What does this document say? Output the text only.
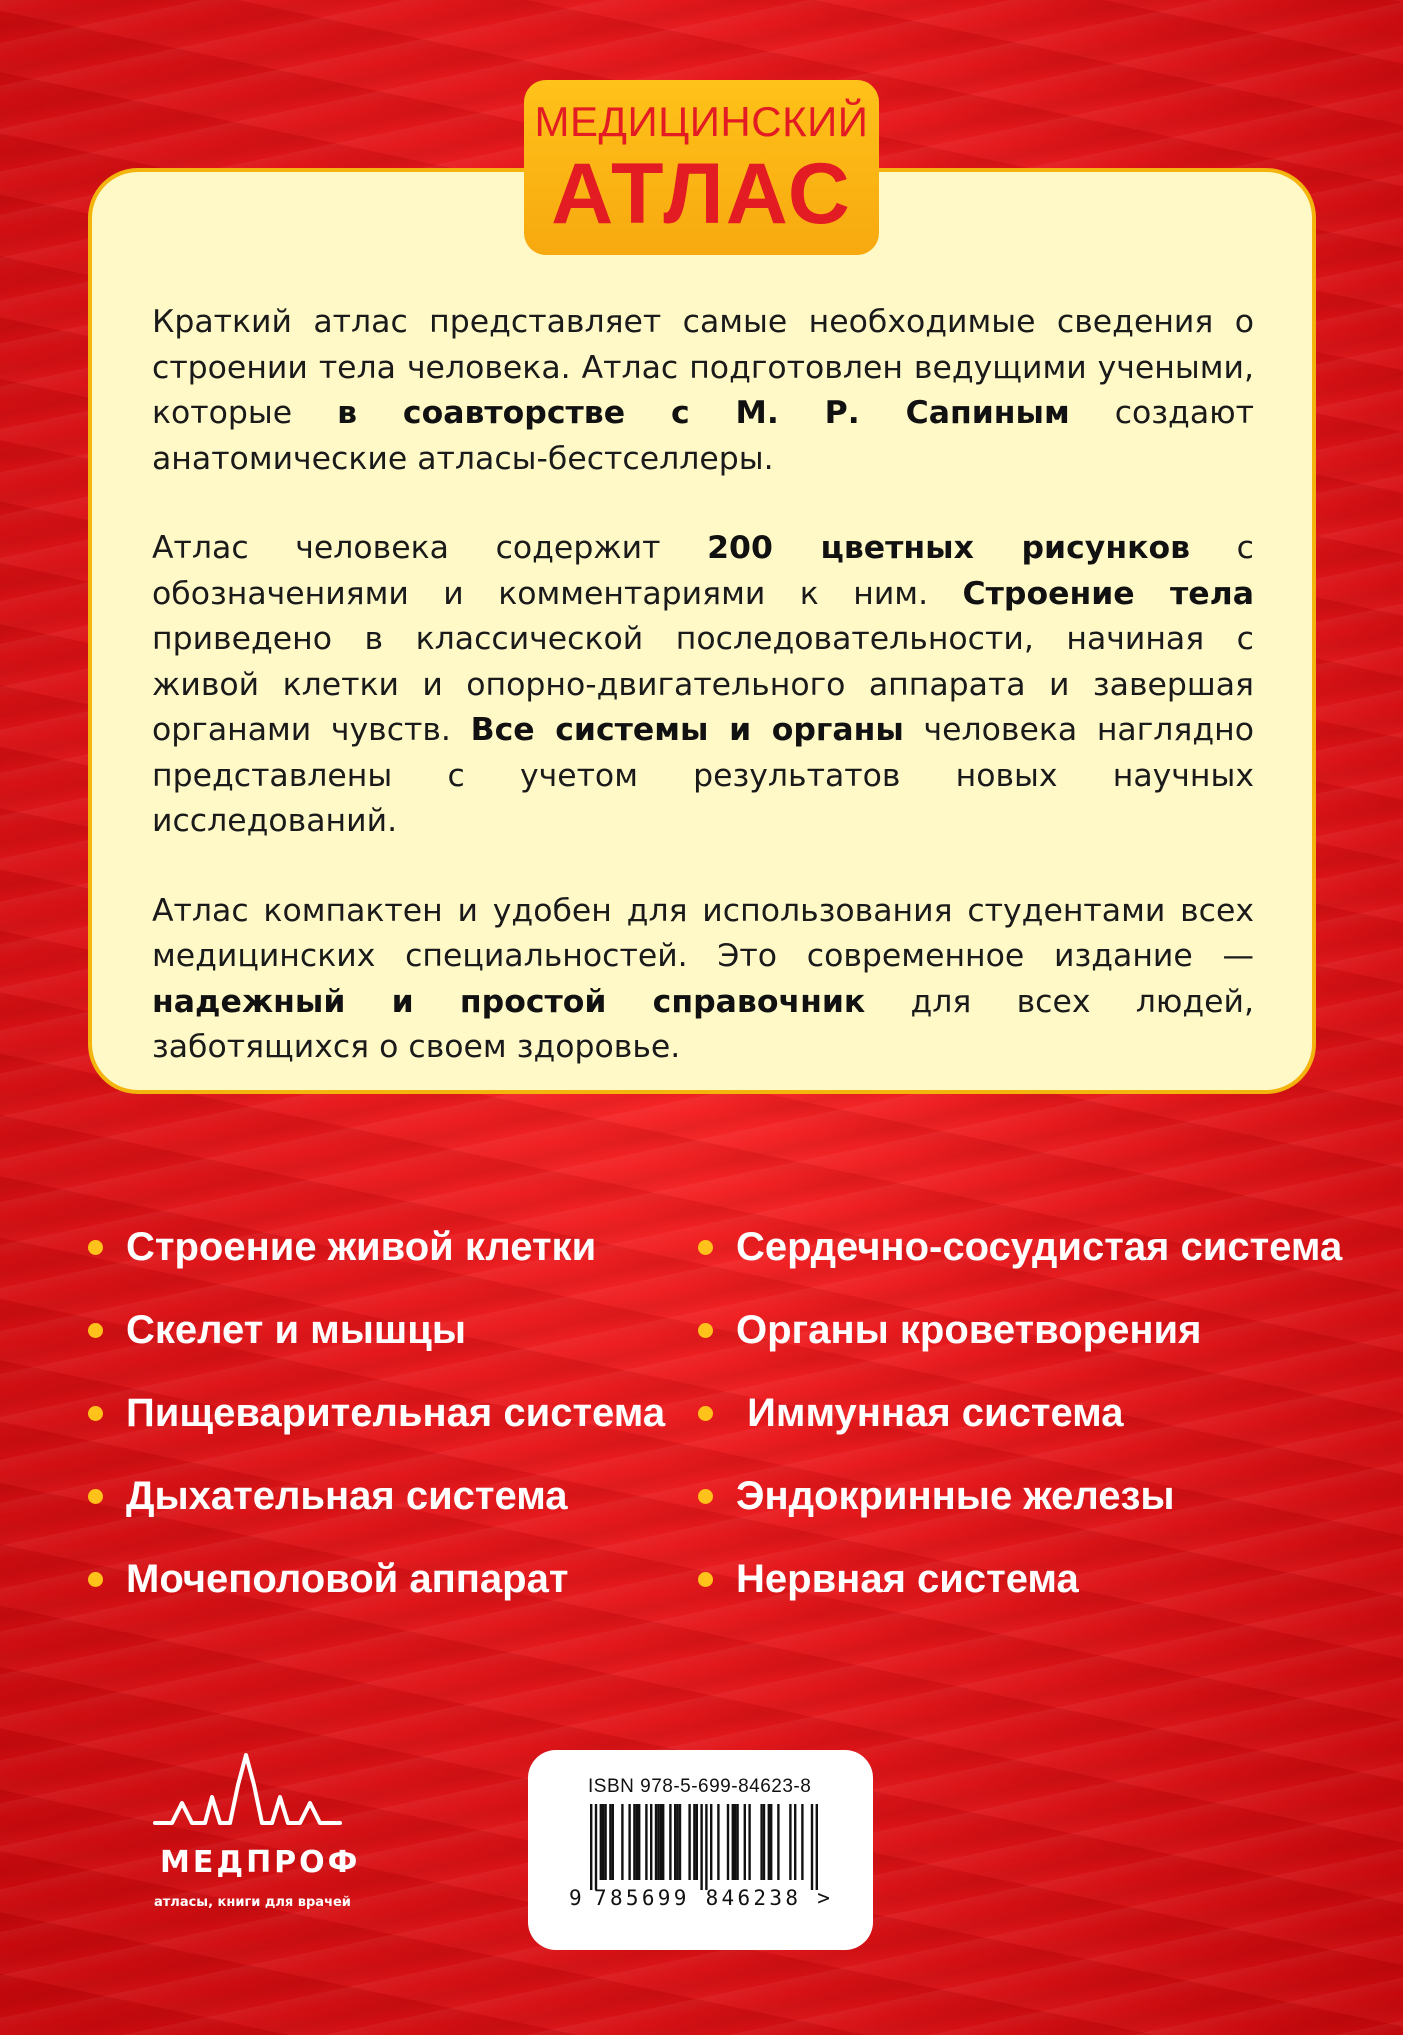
МЕДИЦИНСКИЙ
АТЛАС

Краткий атлас представляет самые необходимые сведения о строении тела человека. Атлас подготовлен ведущими учеными, которые в соавторстве с М. Р. Сапиным создают анатомические атласы-бестселлеры.

Атлас человека содержит 200 цветных рисунков с обозначениями и комментариями к ним. Строение тела приведено в классической последовательности, начиная с живой клетки и опорно-двигательного аппарата и завершая органами чувств. Все системы и органы человека наглядно представлены с учетом результатов новых научных исследований.

Атлас компактен и удобен для использования студентами всех медицинских специальностей. Это современное издание — надежный и простой справочник для всех людей, заботящихся о своем здоровье.

Строение живой клетки
Скелет и мышцы
Пищеварительная система
Дыхательная система
Мочеполовой аппарат
Сердечно-сосудистая система
Органы кроветворения
Иммунная система
Эндокринные железы
Нервная система
МЕДПРОФ
атласы, книги для врачей
ISBN 978-5-699-84623-8
9 785699 846238 >
